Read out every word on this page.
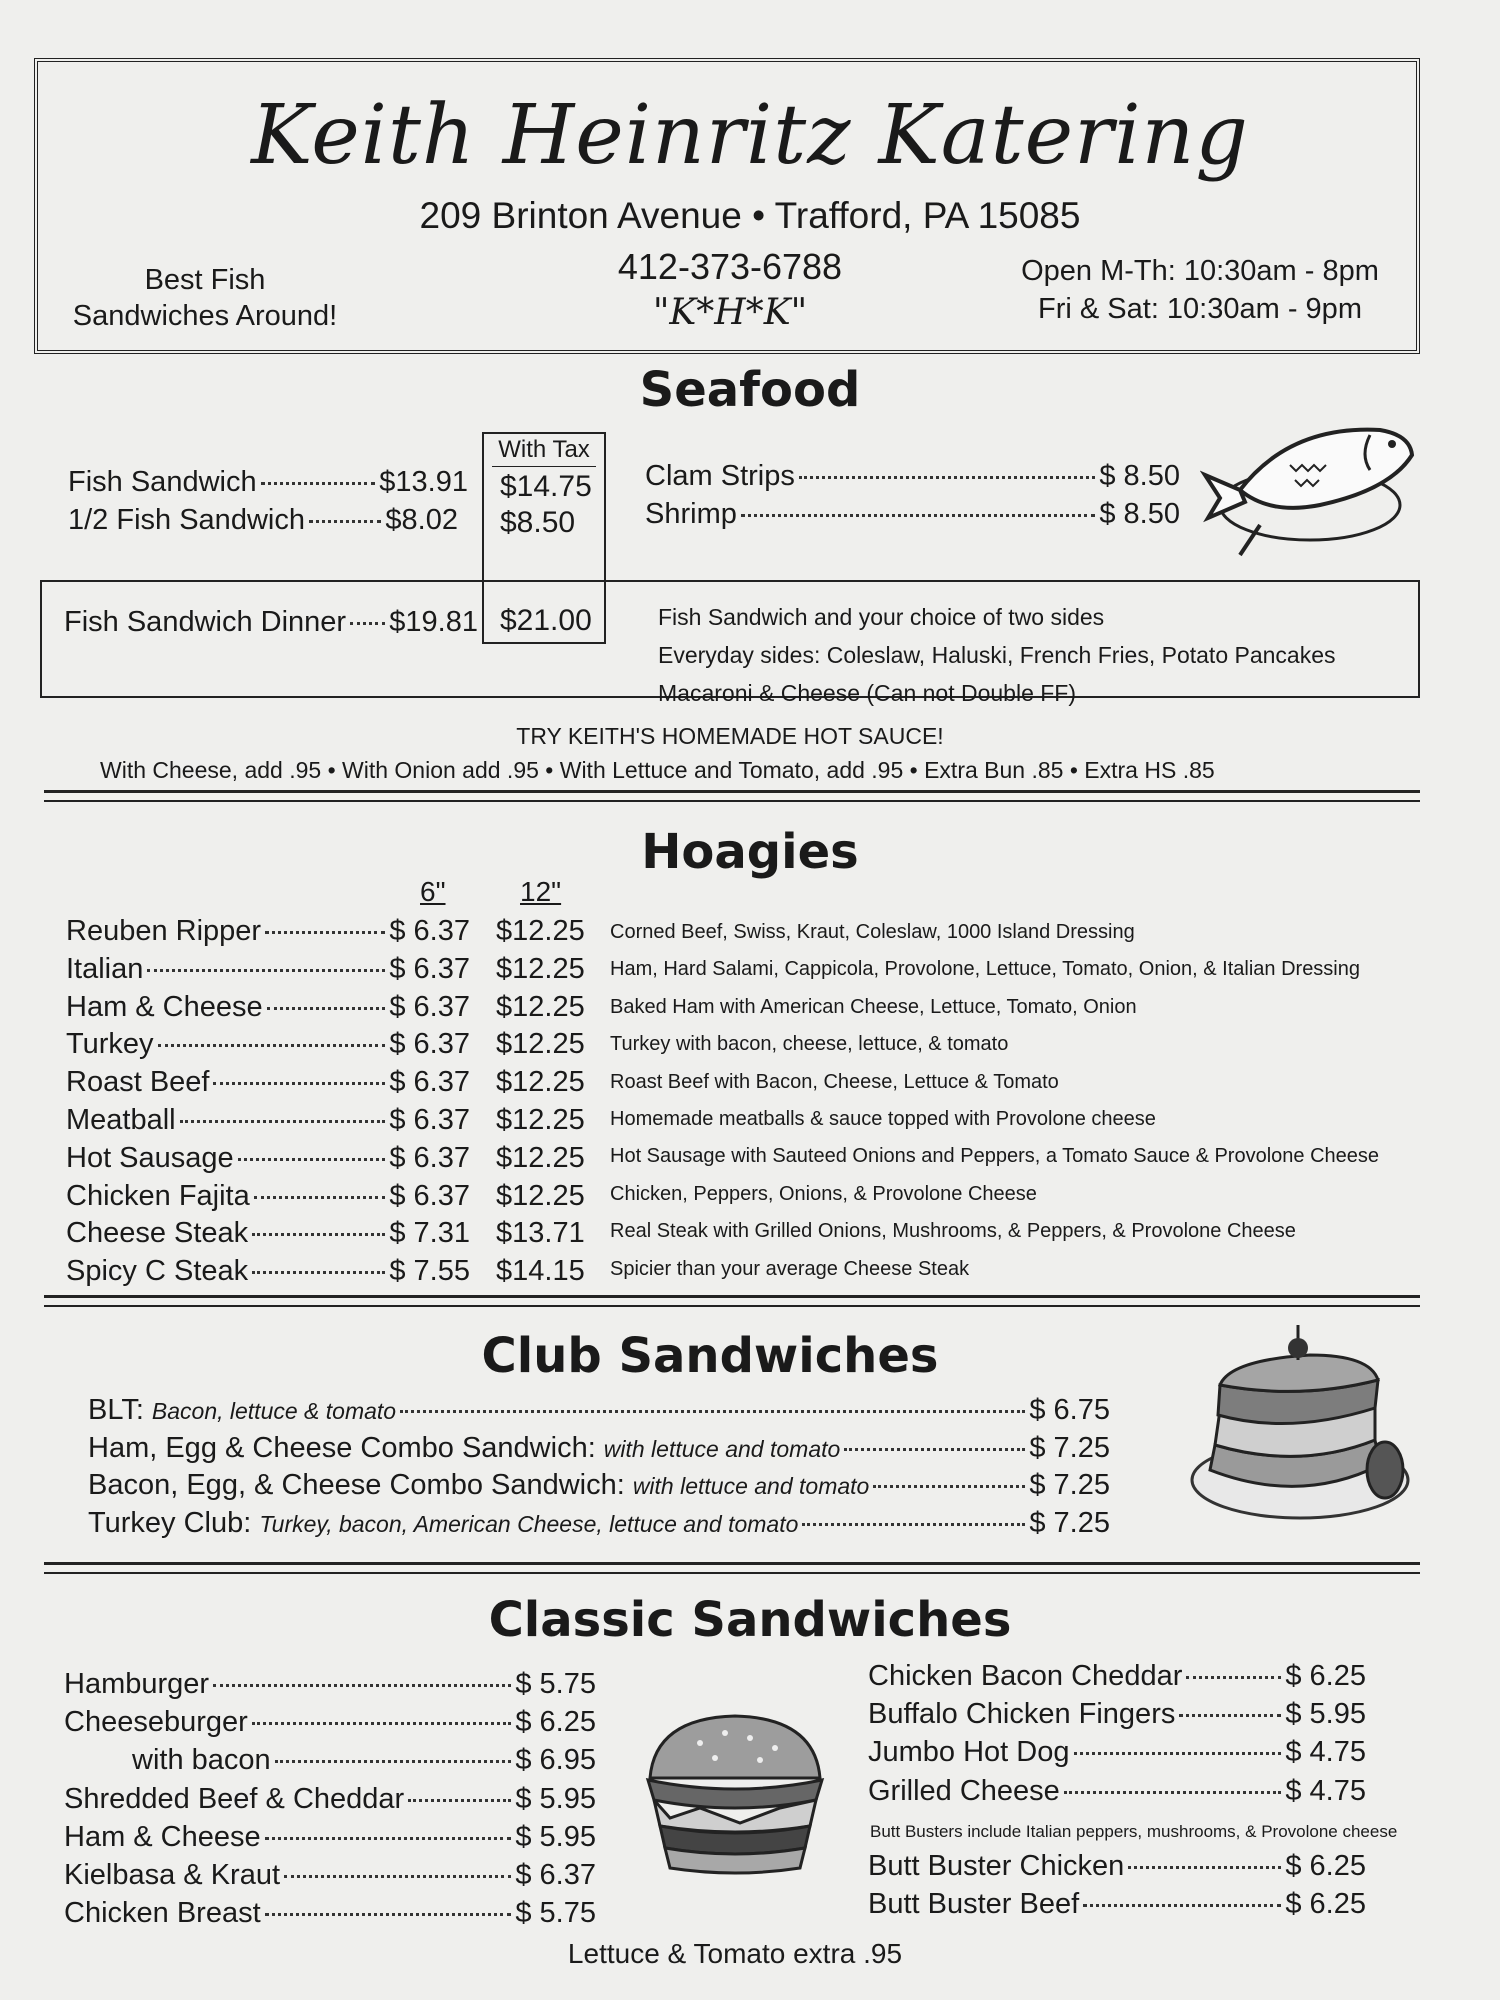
Keith Heinritz Katering
209 Brinton Avenue • Trafford, PA 15085
412-373-6788
"K*H*K"
Best Fish
Sandwiches Around!
Open M-Th: 10:30am - 8pm
Fri & Sat: 10:30am - 9pm
Seafood
With Tax
Fish Sandwich	$13.91 $14.75
1/2 Fish Sandwich	$8.02 $8.50
Clam Strips	$ 8.50
Shrimp	$ 8.50
Fish Sandwich Dinner $19.81 $21.00	Fish Sandwich and your choice of two sides
Everyday sides: Coleslaw, Haluski, French Fries, Potato Pancakes
Macaroni & Cheese (Can not Double FF)
TRY KEITH'S HOMEMADE HOT SAUCE!
With Cheese, add .95 • With Onion add .95 • With Lettuce and Tomato, add .95 • Extra Bun .85 • Extra HS .85
Hoagies
6"	12"
Reuben Ripper	$ 6.37 $12.25 Corned Beef, Swiss, Kraut, Coleslaw, 1000 Island Dressing
Italian	$ 6.37 $12.25 Ham, Hard Salami, Cappicola, Provolone, Lettuce, Tomato, Onion, & Italian Dressing
Ham & Cheese	$ 6.37 $12.25 Baked Ham with American Cheese, Lettuce, Tomato, Onion
Turkey	$ 6.37 $12.25 Turkey with bacon, cheese, lettuce, & tomato
Roast Beef	$ 6.37 $12.25 Roast Beef with Bacon, Cheese, Lettuce & Tomato
Meatball	$ 6.37 $12.25 Homemade meatballs & sauce topped with Provolone cheese
Hot Sausage	$ 6.37 $12.25 Hot Sausage with Sauteed Onions and Peppers, a Tomato Sauce & Provolone Cheese
Chicken Fajita	$ 6.37 $12.25 Chicken, Peppers, Onions, & Provolone Cheese
Cheese Steak	$ 7.31 $13.71 Real Steak with Grilled Onions, Mushrooms, & Peppers, & Provolone Cheese
Spicy C Steak	$ 7.55 $14.15 Spicier than your average Cheese Steak
Club Sandwiches
BLT: Bacon, lettuce & tomato	$ 6.75
Ham, Egg & Cheese Combo Sandwich: with lettuce and tomato	$ 7.25
Bacon, Egg, & Cheese Combo Sandwich: with lettuce and tomato	$ 7.25
Turkey Club: Turkey, bacon, American Cheese, lettuce and tomato	$ 7.25
Classic Sandwiches
Hamburger	$ 5.75
Cheeseburger	$ 6.25
with bacon	$ 6.95
Shredded Beef & Cheddar	$ 5.95
Ham & Cheese	$ 5.95
Kielbasa & Kraut	$ 6.37
Chicken Breast	$ 5.75
Chicken Bacon Cheddar	$ 6.25
Buffalo Chicken Fingers	$ 5.95
Jumbo Hot Dog	$ 4.75
Grilled Cheese	$ 4.75
Butt Buster Chicken	$ 6.25
Butt Buster Beef	$ 6.25
Butt Busters include Italian peppers, mushrooms, & Provolone cheese
Lettuce & Tomato extra .95
